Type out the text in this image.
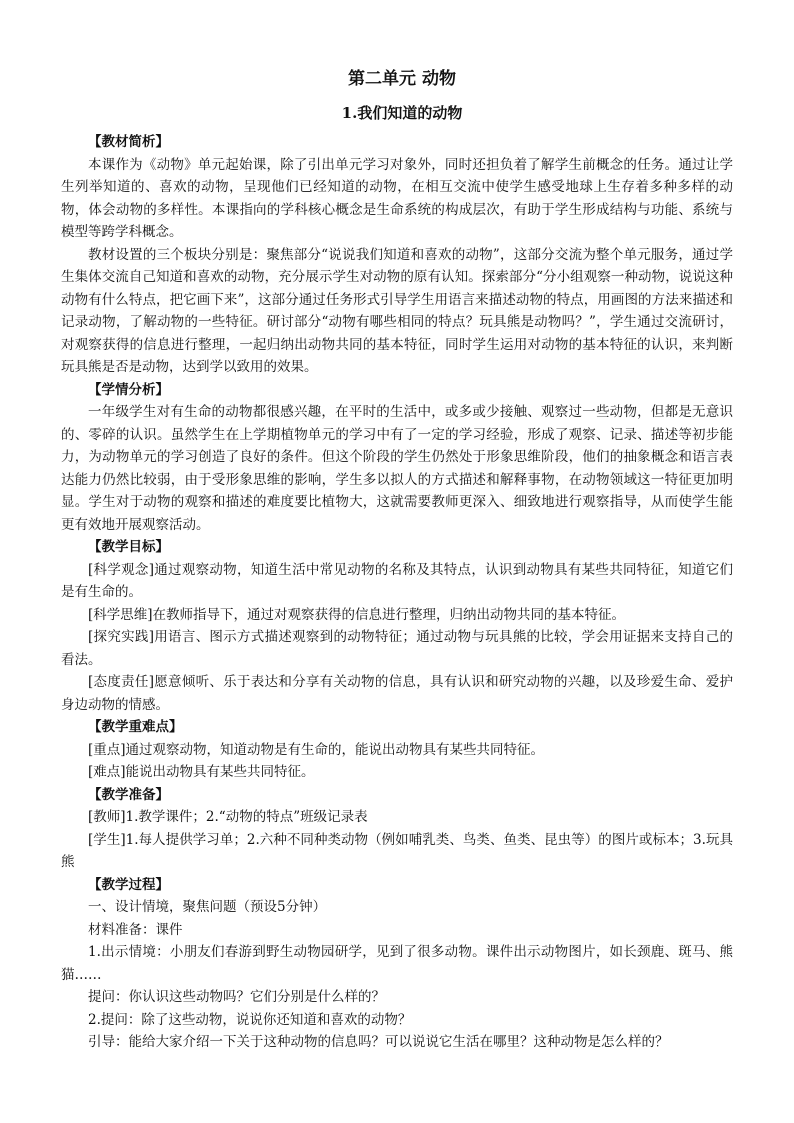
第二单元 动物
1.我们知道的动物

【教材简析】

本课作为《动物》单元起始课，除了引出单元学习对象外，同时还担负着了解学生前概念的任务。通过让学生列举知道的、喜欢的动物，呈现他们已经知道的动物，在相互交流中使学生感受地球上生存着多种多样的动物，体会动物的多样性。本课指向的学科核心概念是生命系统的构成层次，有助于学生形成结构与功能、系统与模型等跨学科概念。

教材设置的三个板块分别是：聚焦部分“说说我们知道和喜欢的动物”，这部分交流为整个单元服务，通过学生集体交流自己知道和喜欢的动物，充分展示学生对动物的原有认知。探索部分“分小组观察一种动物，说说这种动物有什么特点，把它画下来”，这部分通过任务形式引导学生用语言来描述动物的特点，用画图的方法来描述和记录动物，了解动物的一些特征。研讨部分“动物有哪些相同的特点？玩具熊是动物吗？”，学生通过交流研讨，对观察获得的信息进行整理，一起归纳出动物共同的基本特征，同时学生运用对动物的基本特征的认识，来判断玩具熊是否是动物，达到学以致用的效果。

【学情分析】

一年级学生对有生命的动物都很感兴趣，在平时的生活中，或多或少接触、观察过一些动物，但都是无意识的、零碎的认识。虽然学生在上学期植物单元的学习中有了一定的学习经验，形成了观察、记录、描述等初步能力，为动物单元的学习创造了良好的条件。但这个阶段的学生仍然处于形象思维阶段，他们的抽象概念和语言表达能力仍然比较弱，由于受形象思维的影响，学生多以拟人的方式描述和解释事物，在动物领域这一特征更加明显。学生对于动物的观察和描述的难度要比植物大，这就需要教师更深入、细致地进行观察指导，从而使学生能更有效地开展观察活动。

【教学目标】

[科学观念]通过观察动物，知道生活中常见动物的名称及其特点，认识到动物具有某些共同特征，知道它们是有生命的。

[科学思维]在教师指导下，通过对观察获得的信息进行整理，归纳出动物共同的基本特征。

[探究实践]用语言、图示方式描述观察到的动物特征；通过动物与玩具熊的比较，学会用证据来支持自己的看法。

[态度责任]愿意倾听、乐于表达和分享有关动物的信息，具有认识和研究动物的兴趣，以及珍爱生命、爱护身边动物的情感。

【教学重难点】

[重点]通过观察动物，知道动物是有生命的，能说出动物具有某些共同特征。

[难点]能说出动物具有某些共同特征。

【教学准备】

[教师]1.教学课件；2.“动物的特点”班级记录表

[学生]1.每人提供学习单；2.六种不同种类动物（例如哺乳类、鸟类、鱼类、昆虫等）的图片或标本；3.玩具熊

【教学过程】

一、设计情境，聚焦问题（预设5分钟）

材料准备：课件

1.出示情境：小朋友们春游到野生动物园研学，见到了很多动物。课件出示动物图片，如长颈鹿、斑马、熊猫……

提问：你认识这些动物吗？它们分别是什么样的？

2.提问：除了这些动物，说说你还知道和喜欢的动物？

引导：能给大家介绍一下关于这种动物的信息吗？可以说说它生活在哪里？这种动物是怎么样的？
